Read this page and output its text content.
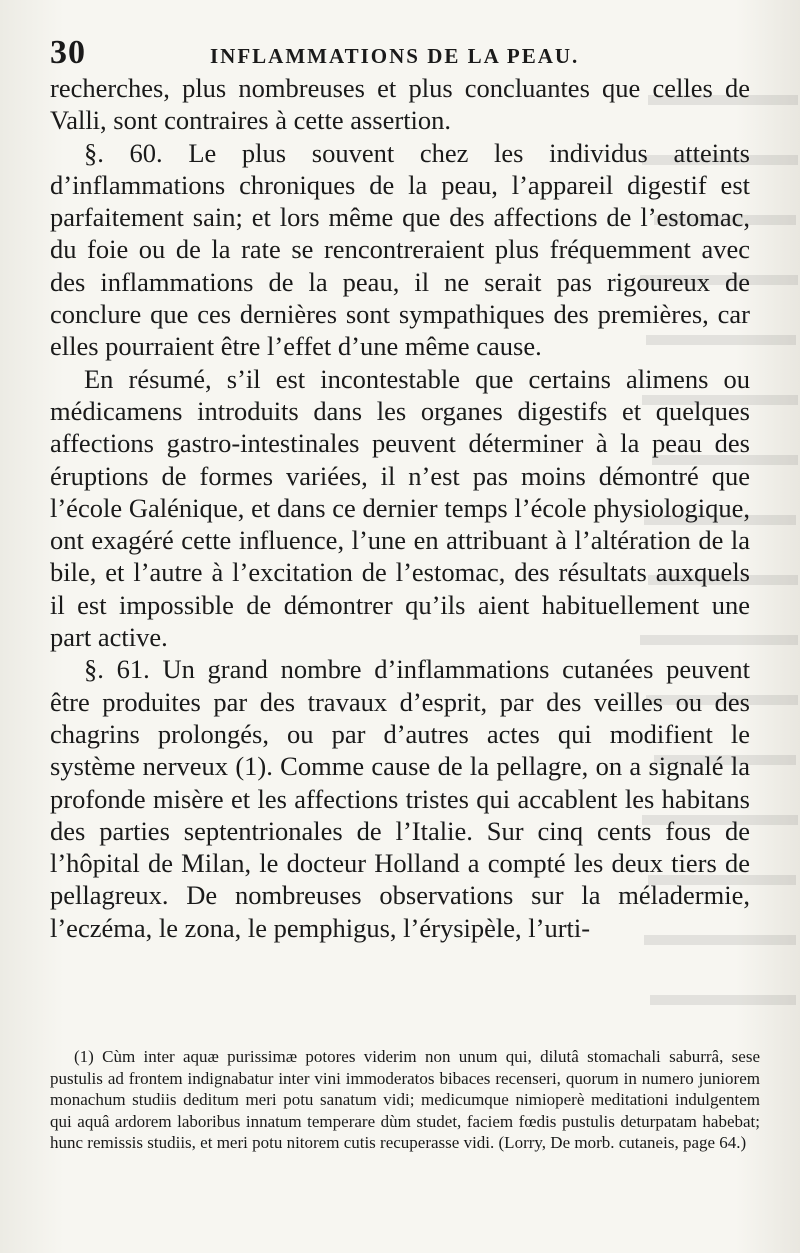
30	INFLAMMATIONS DE LA PEAU.

recherches, plus nombreuses et plus concluantes que celles de Valli, sont contraires à cette assertion.

§. 60. Le plus souvent chez les individus atteints d’inflammations chroniques de la peau, l’appareil digestif est parfaitement sain; et lors même que des affections de l’estomac, du foie ou de la rate se rencontreraient plus fréquemment avec des inflammations de la peau, il ne serait pas rigoureux de conclure que ces dernières sont sympathiques des premières, car elles pourraient être l’effet d’une même cause.

En résumé, s’il est incontestable que certains alimens ou médicamens introduits dans les organes digestifs et quelques affections gastro-intestinales peuvent déterminer à la peau des éruptions de formes variées, il n’est pas moins démontré que l’école Galénique, et dans ce dernier temps l’école physiologique, ont exagéré cette influence, l’une en attribuant à l’altération de la bile, et l’autre à l’excitation de l’estomac, des résultats auxquels il est impossible de démontrer qu’ils aient habituellement une part active.

§. 61. Un grand nombre d’inflammations cutanées peuvent être produites par des travaux d’esprit, par des veilles ou des chagrins prolongés, ou par d’autres actes qui modifient le système nerveux (1). Comme cause de la pellagre, on a signalé la profonde misère et les affections tristes qui accablent les habitans des parties septentrionales de l’Italie. Sur cinq cents fous de l’hôpital de Milan, le docteur Holland a compté les deux tiers de pellagreux. De nombreuses observations sur la méladermie, l’eczéma, le zona, le pemphigus, l’érysipèle, l’urti-

(1) Cùm inter aquæ purissimæ potores viderim non unum qui, dilutâ stomachali saburrâ, sese pustulis ad frontem indignabatur inter vini immoderatos bibaces recenseri, quorum in numero juniorem monachum studiis deditum meri potu sanatum vidi; medicumque nimioperè meditationi indulgentem qui aquâ ardorem laboribus innatum temperare dùm studet, faciem fœdis pustulis deturpatam habebat; hunc remissis studiis, et meri potu nitorem cutis recuperasse vidi. (Lorry, De morb. cutaneis, page 64.)
